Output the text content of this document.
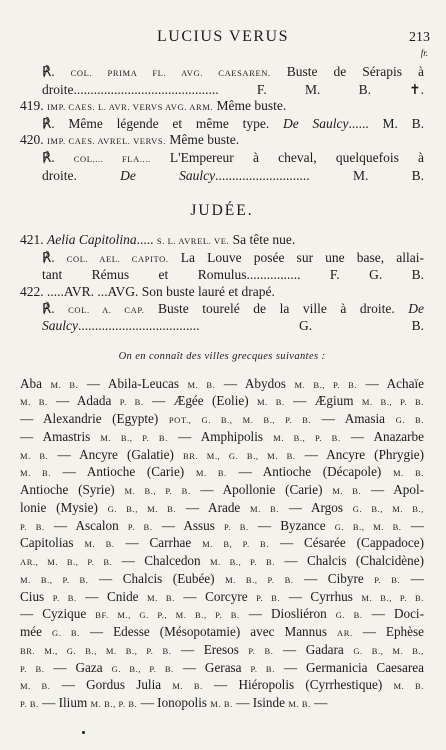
LUCIUS VERUS	213
fr.
℟. COL. PRIMA FL. AVG. CAESAREN. Buste de Sérapis à
droite........................................... F. M. B. ✝.
419. IMP. CAES. L. AVR. VERVS AVG. ARM. Même buste.
℟. Même légende et même type. De Saulcy...... M. B.
420. IMP. CAES. AVREL. VERVS. Même buste.
℟. COL.... FLA.... L'Empereur à cheval, quelquefois à
droite. De Saulcy............................ M. B.
JUDÉE.
421. Aelia Capitolina..... S. L. AVREL. VE. Sa tête nue.
℟. COL. AEL. CAPITO. La Louve posée sur une base, allai-
tant Rémus et Romulus................ F. G. B.
422. .....AVR. ...AVG. Son buste lauré et drapé.
℟. COL. A. CAP. Buste tourelé de la ville à droite. De
Saulcy.................................... G. B.
On en connaît des villes grecques suivantes :
Aba M. B. — Abila-Leucas M. B. — Abydos M. B., P. B. — Achaïe
M. B. — Adada P. B. — Ægée (Eolie) M. B. — Ægium M. B., P. B.
— Alexandrie (Egypte) POT., G. B., M. B., P. B. — Amasia G. B.
— Amastris M. B., P. B. — Amphipolis M. B., P. B. — Anazarbe
M. B. — Ancyre (Galatie) BR. M., G. B., M. B. — Ancyre (Phrygie)
M. B. — Antioche (Carie) M. B. — Antioche (Décapole) M. B.
Antioche (Syrie) M. B., P. B. — Apollonie (Carie) M. B. — Apol-
lonie (Mysie) G. B., M. B. — Arade M. B. — Argos G. B., M. B.,
P. B. — Ascalon P. B. — Assus P. B. — Byzance G. B., M. B. —
Capitolias M. B. — Carrhae M. B, P. B. — Césarée (Cappadoce)
AR., M. B., P. B. — Chalcedon M. B., P. B. — Chalcis (Chalcidène)
M. B., P. B. — Chalcis (Eubée) M. B., P. B. — Cibyre P. B. —
Cius P. B. — Cnide M. B. — Corcyre P. B. — Cyrrhus M. B., P. B.
— Cyzique BF. M., G. P., M. B., P. B. — Diosliéron G. B. — Doci-
mée G. B. — Edesse (Mésopotamie) avec Mannus AR. — Ephèse
BR. M., G. B., M. B., P. B. — Eresos P. B. — Gadara G. B., M. B.,
P. B. — Gaza G. B., P. B. — Gerasa P. B. — Germanicia Caesarea
M. B. — Gordus Julia M. B. — Hiéropolis (Cyrrhestique) M. B.
P. B. — Ilium M. B., P. B. — Ionopolis M. B. — Isinde M. B. —
